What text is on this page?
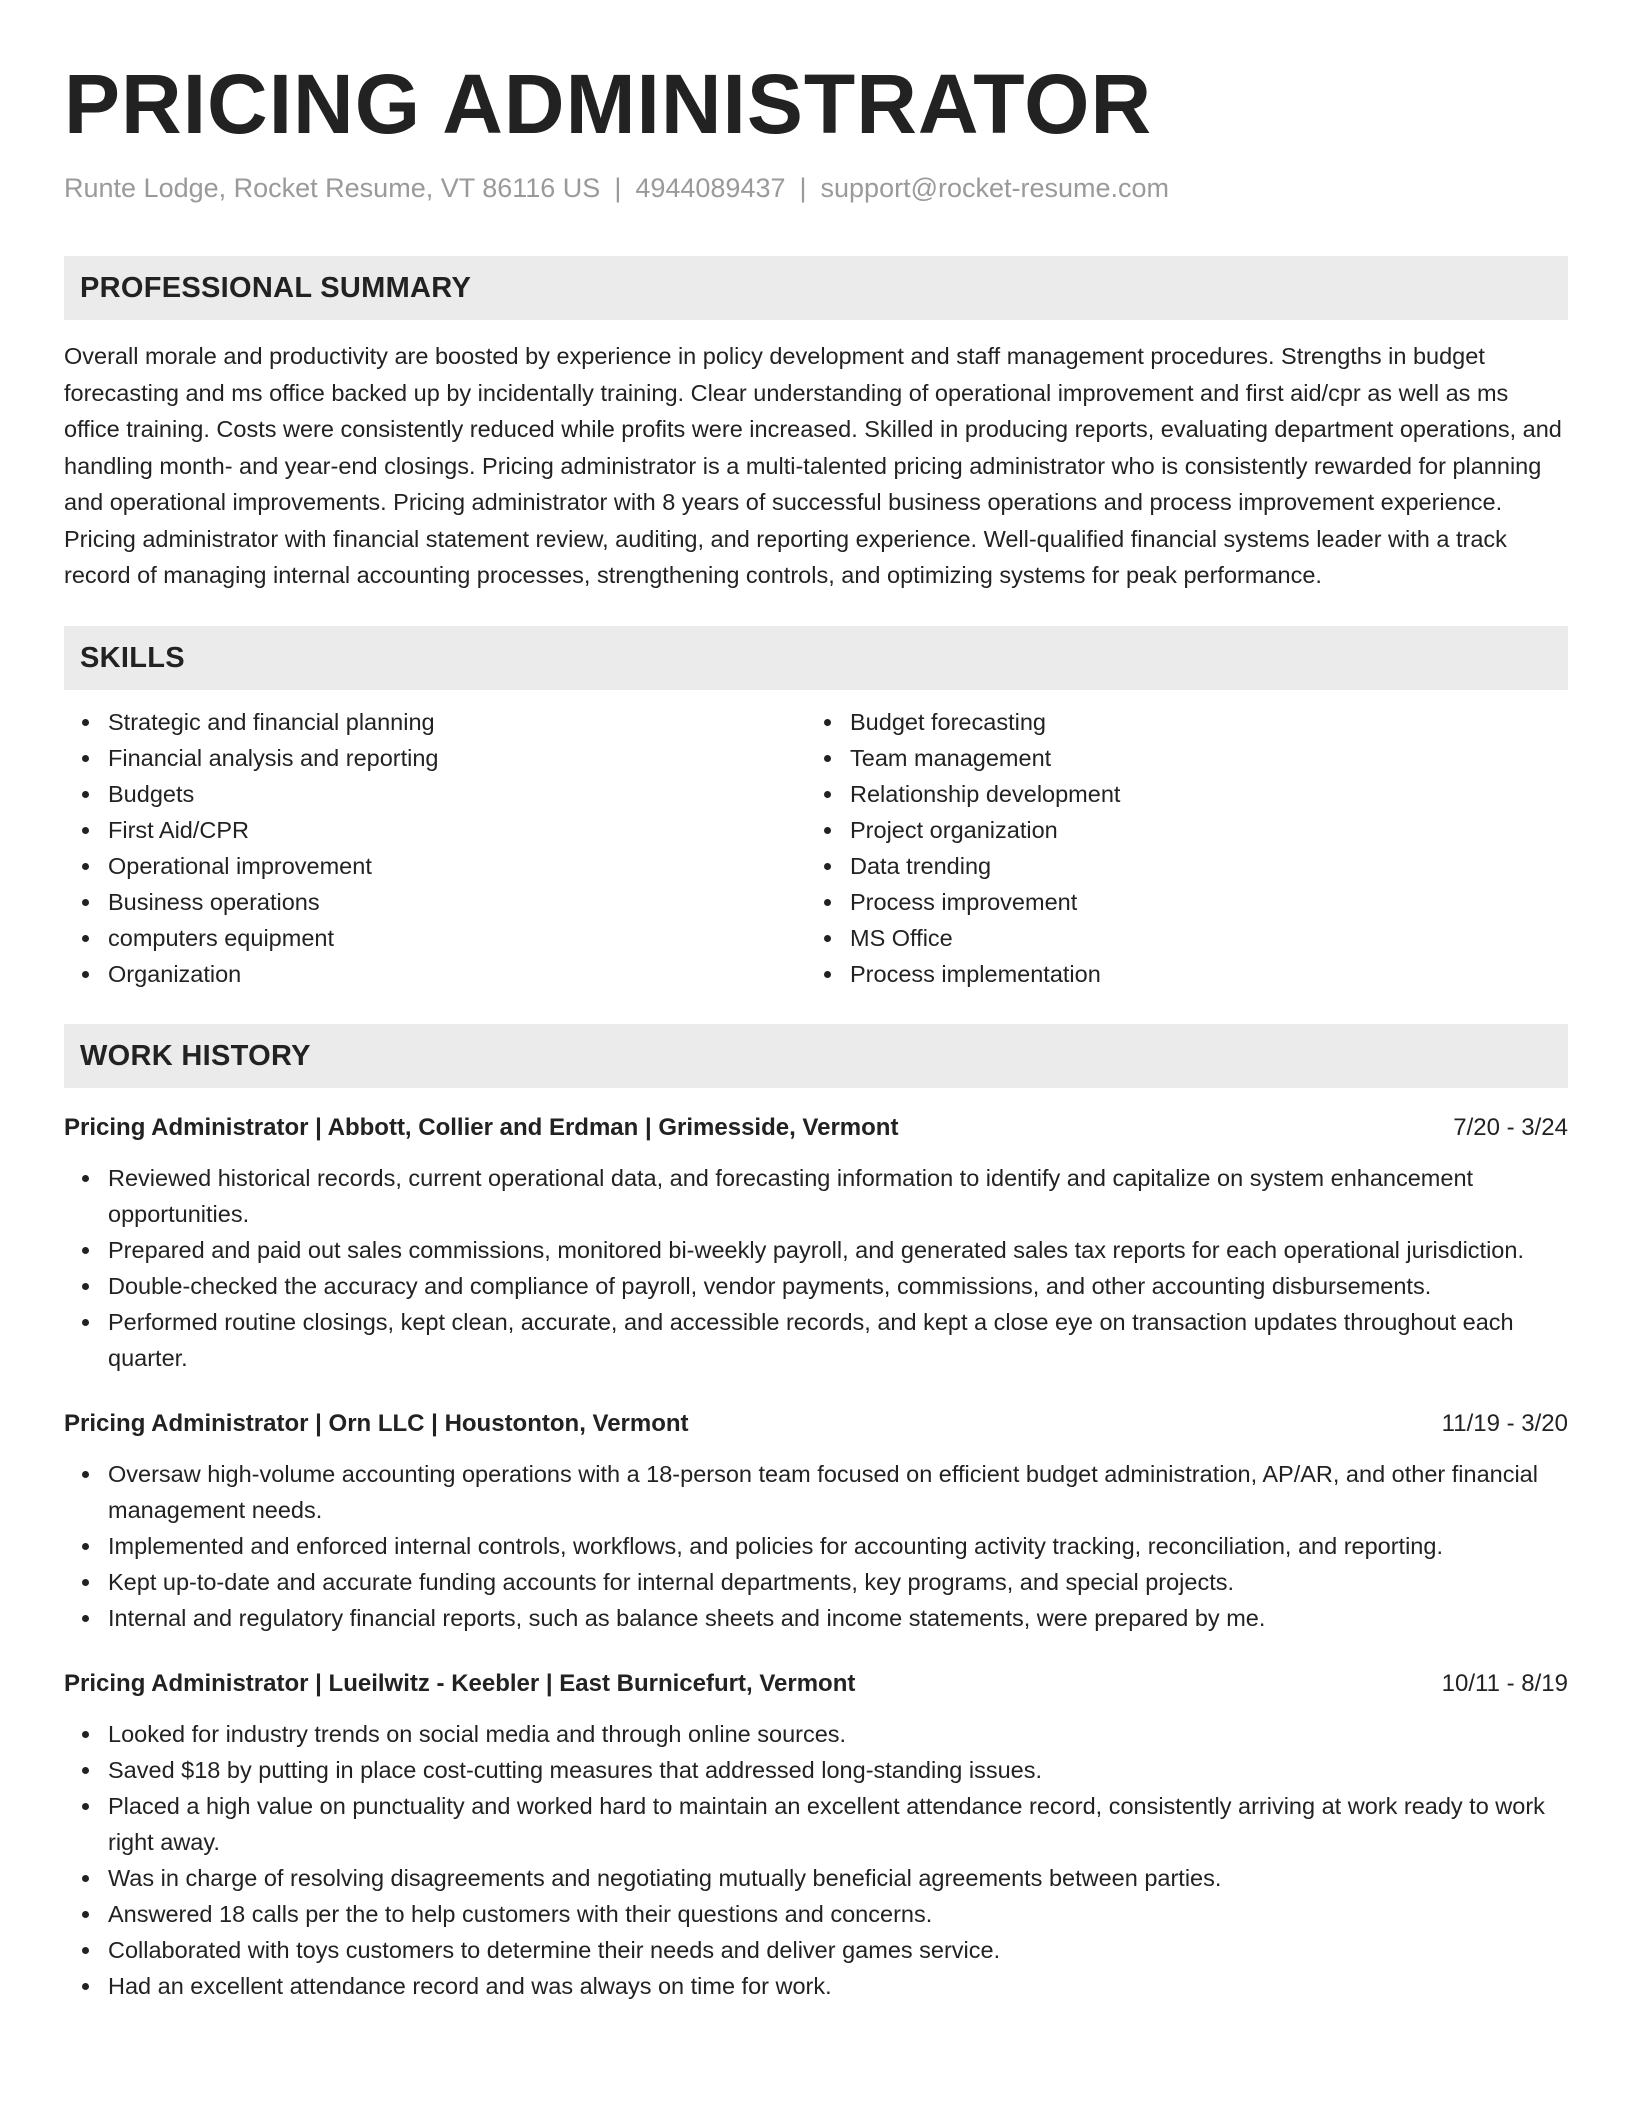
PRICING ADMINISTRATOR
Runte Lodge, Rocket Resume, VT 86116 US | 4944089437 | support@rocket-resume.com
PROFESSIONAL SUMMARY

Overall morale and productivity are boosted by experience in policy development and staff management procedures. Strengths in budget forecasting and ms office backed up by incidentally training. Clear understanding of operational improvement and first aid/cpr as well as ms office training. Costs were consistently reduced while profits were increased. Skilled in producing reports, evaluating department operations, and handling month- and year-end closings. Pricing administrator is a multi-talented pricing administrator who is consistently rewarded for planning and operational improvements. Pricing administrator with 8 years of successful business operations and process improvement experience. Pricing administrator with financial statement review, auditing, and reporting experience. Well-qualified financial systems leader with a track record of managing internal accounting processes, strengthening controls, and optimizing systems for peak performance.

SKILLS
Strategic and financial planning
Financial analysis and reporting
Budgets
First Aid/CPR
Operational improvement
Business operations
computers equipment
Organization
Budget forecasting
Team management
Relationship development
Project organization
Data trending
Process improvement
MS Office
Process implementation
WORK HISTORY
Pricing Administrator | Abbott, Collier and Erdman | Grimesside, Vermont	7/20 - 3/24
Reviewed historical records, current operational data, and forecasting information to identify and capitalize on system enhancement opportunities.
Prepared and paid out sales commissions, monitored bi-weekly payroll, and generated sales tax reports for each operational jurisdiction.
Double-checked the accuracy and compliance of payroll, vendor payments, commissions, and other accounting disbursements.
Performed routine closings, kept clean, accurate, and accessible records, and kept a close eye on transaction updates throughout each quarter.
Pricing Administrator | Orn LLC | Houstonton, Vermont	11/19 - 3/20
Oversaw high-volume accounting operations with a 18-person team focused on efficient budget administration, AP/AR, and other financial management needs.
Implemented and enforced internal controls, workflows, and policies for accounting activity tracking, reconciliation, and reporting.
Kept up-to-date and accurate funding accounts for internal departments, key programs, and special projects.
Internal and regulatory financial reports, such as balance sheets and income statements, were prepared by me.
Pricing Administrator | Lueilwitz - Keebler | East Burnicefurt, Vermont	10/11 - 8/19
Looked for industry trends on social media and through online sources.
Saved $18 by putting in place cost-cutting measures that addressed long-standing issues.
Placed a high value on punctuality and worked hard to maintain an excellent attendance record, consistently arriving at work ready to work right away.
Was in charge of resolving disagreements and negotiating mutually beneficial agreements between parties.
Answered 18 calls per the to help customers with their questions and concerns.
Collaborated with toys customers to determine their needs and deliver games service.
Had an excellent attendance record and was always on time for work.
